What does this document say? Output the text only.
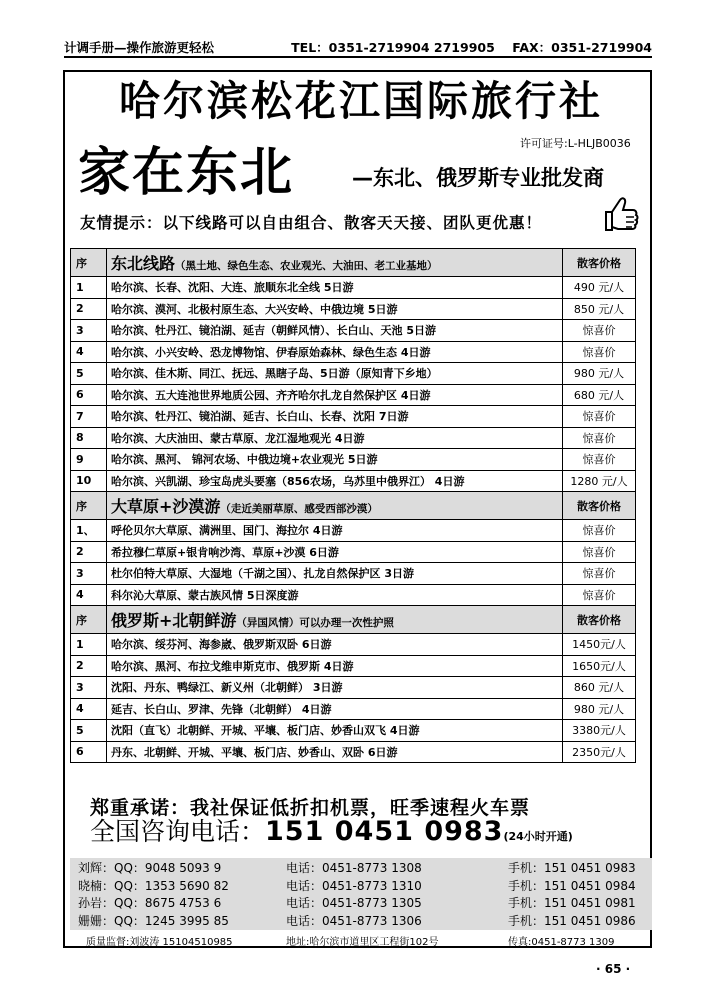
计调手册—操作旅游更轻松	TEL：0351-2719904 2719905 FAX：0351-2719904
哈尔滨松花江国际旅行社
许可证号:L-HLJB0036
家在东北	—东北、俄罗斯专业批发商
友情提示：以下线路可以自由组合、散客天天接、团队更优惠！
序	东北线路（黑土地、绿色生态、农业观光、大油田、老工业基地）	散客价格
1	哈尔滨、长春、沈阳、大连、旅顺东北全线 5日游	490 元/人
2	哈尔滨、漠河、北极村原生态、大兴安岭、中俄边境 5日游	850 元/人
3	哈尔滨、牡丹江、镜泊湖、延吉（朝鲜风情）、长白山、天池 5日游	惊喜价
4	哈尔滨、小兴安岭、恐龙博物馆、伊春原始森林、绿色生态 4日游	惊喜价
5	哈尔滨、佳木斯、同江、抚远、黑瞎子岛、5日游（原知青下乡地）	980 元/人
6	哈尔滨、五大连池世界地质公园、齐齐哈尔扎龙自然保护区 4日游	680 元/人
7	哈尔滨、牡丹江、镜泊湖、延吉、长白山、长春、沈阳 7日游	惊喜价
8	哈尔滨、大庆油田、蒙古草原、龙江湿地观光 4日游	惊喜价
9	哈尔滨、黑河、 锦河农场、中俄边境+农业观光 5日游	惊喜价
10	哈尔滨、兴凯湖、珍宝岛虎头要塞（856农场，乌苏里中俄界江） 4日游	1280 元/人
序	大草原+沙漠游（走近美丽草原、感受西部沙漠）	散客价格
1、	呼伦贝尔大草原、满洲里、国门、海拉尔 4日游	惊喜价
2	希拉穆仁草原+银肯响沙湾、草原+沙漠 6日游	惊喜价
3	杜尔伯特大草原、大湿地（千湖之国）、扎龙自然保护区 3日游	惊喜价
4	科尔沁大草原、蒙古族风情 5日深度游	惊喜价
序	俄罗斯+北朝鲜游（异国风情）可以办理一次性护照	散客价格
1	哈尔滨、绥芬河、海参崴、俄罗斯双卧 6日游	1450元/人
2	哈尔滨、黑河、布拉戈维申斯克市、俄罗斯 4日游	1650元/人
3	沈阳、丹东、鸭绿江、新义州（北朝鲜） 3日游	860 元/人
4	延吉、长白山、罗津、先锋（北朝鲜） 4日游	980 元/人
5	沈阳（直飞）北朝鲜、开城、平壤、板门店、妙香山双飞 4日游	3380元/人
6	丹东、北朝鲜、开城、平壤、板门店、妙香山、双卧 6日游	2350元/人
郑重承诺：我社保证低折扣机票，旺季速程火车票
全国咨询电话：151 0451 0983(24小时开通)
刘辉：QQ：9048 5093 9	电话：0451-8773 1308	手机：151 0451 0983
晓楠：QQ：1353 5690 82	电话：0451-8773 1310	手机：151 0451 0984
孙岩：QQ：8675 4753 6	电话：0451-8773 1305	手机：151 0451 0981
姗姗：QQ：1245 3995 85	电话：0451-8773 1306	手机：151 0451 0986
质量监督:刘波涛 15104510985	地址:哈尔滨市道里区工程街102号	传真:0451-8773 1309
· 65 ·
